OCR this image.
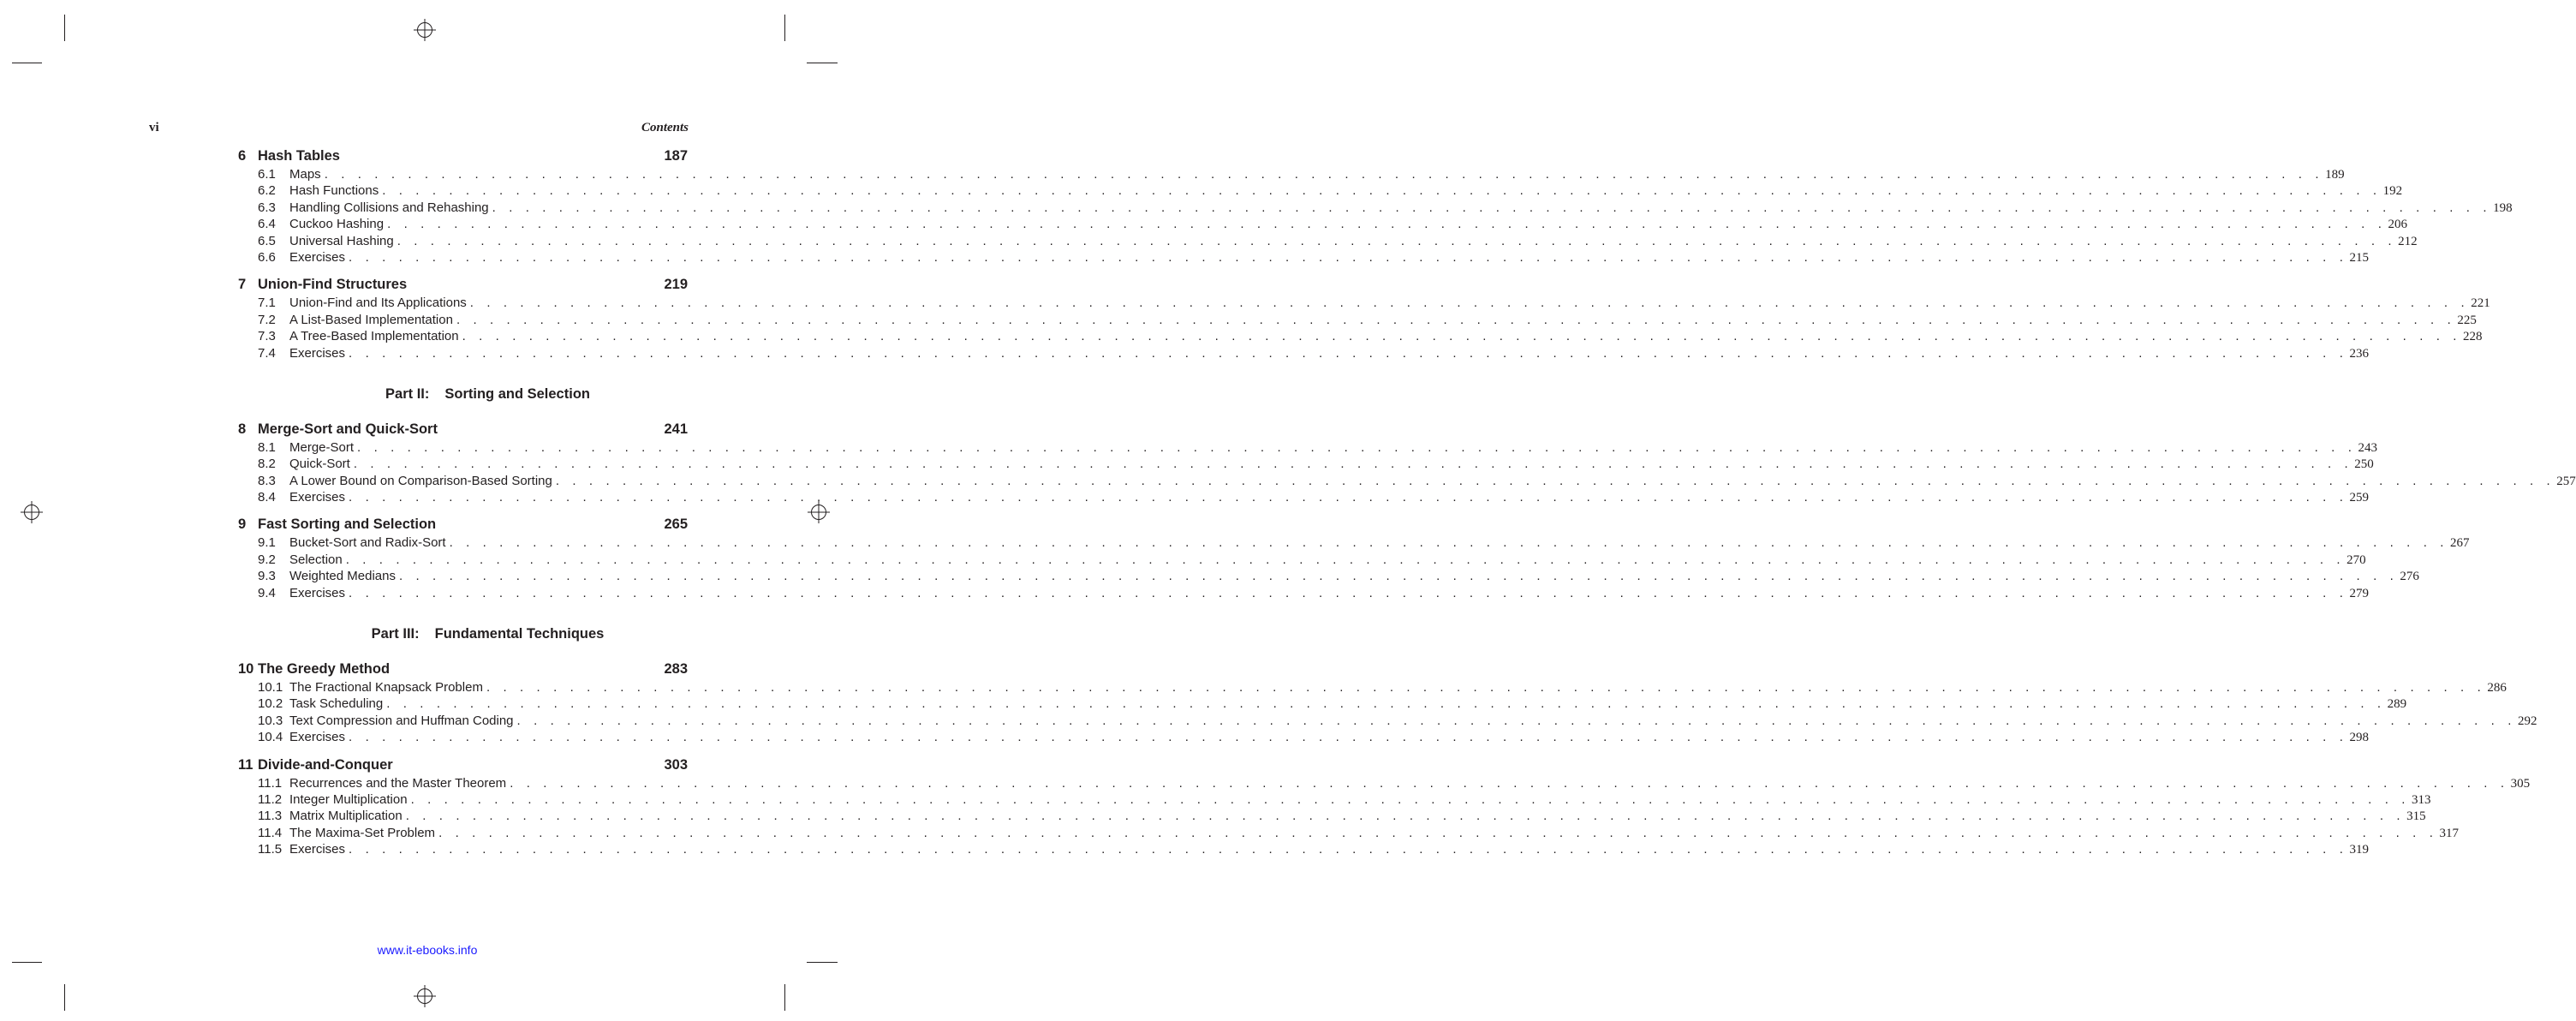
vi	Contents
6 Hash Tables	187
6.1	Maps . . . . . . . . . . . . . . . . . . . . . . . . . . . . . . . . . . . . . . . . . . . . . . . . . . . . . . . . . . . . . . . . . . . . . . . . . . . . . . . . . . . . . . . . . . . . . . . . . . . . . . . . . . . . . . . . . . . . . . . . 189
6.2	Hash Functions . . . . . . . . . . . . . . . . . . . . . . . . . . . . . . . . . . . . . . . . . . . . . . . . . . . . . . . . . . . . . . . . . . . . . . . . . . . . . . . . . . . . . . . . . . . . . . . . . . . . . . . . . . . . . . . . . . . . . . . . 192
6.3	Handling Collisions and Rehashing . . . . . . . . . . . . . . . . . . . . . . . . . . . . . . . . . . . . . . . . . . . . . . . . . . . . . . . . . . . . . . . . . . . . . . . . . . . . . . . . . . . . . . . . . . . . . . . . . . . . . . . . . . . . . . . . . . . . . . . . 198
6.4	Cuckoo Hashing . . . . . . . . . . . . . . . . . . . . . . . . . . . . . . . . . . . . . . . . . . . . . . . . . . . . . . . . . . . . . . . . . . . . . . . . . . . . . . . . . . . . . . . . . . . . . . . . . . . . . . . . . . . . . . . . . . . . . . . . 206
6.5	Universal Hashing . . . . . . . . . . . . . . . . . . . . . . . . . . . . . . . . . . . . . . . . . . . . . . . . . . . . . . . . . . . . . . . . . . . . . . . . . . . . . . . . . . . . . . . . . . . . . . . . . . . . . . . . . . . . . . . . . . . . . . . . 212
6.6	Exercises . . . . . . . . . . . . . . . . . . . . . . . . . . . . . . . . . . . . . . . . . . . . . . . . . . . . . . . . . . . . . . . . . . . . . . . . . . . . . . . . . . . . . . . . . . . . . . . . . . . . . . . . . . . . . . . . . . . . . . . . 215
7 Union-Find Structures	219
7.1	Union-Find and Its Applications . . . . . . . . . . . . . . . . . . . . . . . . . . . . . . . . . . . . . . . . . . . . . . . . . . . . . . . . . . . . . . . . . . . . . . . . . . . . . . . . . . . . . . . . . . . . . . . . . . . . . . . . . . . . . . . . . . . . . . . . 221
7.2	A List-Based Implementation . . . . . . . . . . . . . . . . . . . . . . . . . . . . . . . . . . . . . . . . . . . . . . . . . . . . . . . . . . . . . . . . . . . . . . . . . . . . . . . . . . . . . . . . . . . . . . . . . . . . . . . . . . . . . . . . . . . . . . . . 225
7.3	A Tree-Based Implementation . . . . . . . . . . . . . . . . . . . . . . . . . . . . . . . . . . . . . . . . . . . . . . . . . . . . . . . . . . . . . . . . . . . . . . . . . . . . . . . . . . . . . . . . . . . . . . . . . . . . . . . . . . . . . . . . . . . . . . . . 228
7.4	Exercises . . . . . . . . . . . . . . . . . . . . . . . . . . . . . . . . . . . . . . . . . . . . . . . . . . . . . . . . . . . . . . . . . . . . . . . . . . . . . . . . . . . . . . . . . . . . . . . . . . . . . . . . . . . . . . . . . . . . . . . . 236
Part II: Sorting and Selection
8 Merge-Sort and Quick-Sort	241
8.1	Merge-Sort . . . . . . . . . . . . . . . . . . . . . . . . . . . . . . . . . . . . . . . . . . . . . . . . . . . . . . . . . . . . . . . . . . . . . . . . . . . . . . . . . . . . . . . . . . . . . . . . . . . . . . . . . . . . . . . . . . . . . . . . 243
8.2	Quick-Sort . . . . . . . . . . . . . . . . . . . . . . . . . . . . . . . . . . . . . . . . . . . . . . . . . . . . . . . . . . . . . . . . . . . . . . . . . . . . . . . . . . . . . . . . . . . . . . . . . . . . . . . . . . . . . . . . . . . . . . . . 250
8.3	A Lower Bound on Comparison-Based Sorting . . . . . . . . . . . . . . . . . . . . . . . . . . . . . . . . . . . . . . . . . . . . . . . . . . . . . . . . . . . . . . . . . . . . . . . . . . . . . . . . . . . . . . . . . . . . . . . . . . . . . . . . . . . . . . . . . . . . . . . . 257
8.4	Exercises . . . . . . . . . . . . . . . . . . . . . . . . . . . . . . . . . . . . . . . . . . . . . . . . . . . . . . . . . . . . . . . . . . . . . . . . . . . . . . . . . . . . . . . . . . . . . . . . . . . . . . . . . . . . . . . . . . . . . . . . 259
9 Fast Sorting and Selection	265
9.1	Bucket-Sort and Radix-Sort . . . . . . . . . . . . . . . . . . . . . . . . . . . . . . . . . . . . . . . . . . . . . . . . . . . . . . . . . . . . . . . . . . . . . . . . . . . . . . . . . . . . . . . . . . . . . . . . . . . . . . . . . . . . . . . . . . . . . . . . 267
9.2	Selection . . . . . . . . . . . . . . . . . . . . . . . . . . . . . . . . . . . . . . . . . . . . . . . . . . . . . . . . . . . . . . . . . . . . . . . . . . . . . . . . . . . . . . . . . . . . . . . . . . . . . . . . . . . . . . . . . . . . . . . . 270
9.3	Weighted Medians . . . . . . . . . . . . . . . . . . . . . . . . . . . . . . . . . . . . . . . . . . . . . . . . . . . . . . . . . . . . . . . . . . . . . . . . . . . . . . . . . . . . . . . . . . . . . . . . . . . . . . . . . . . . . . . . . . . . . . . . 276
9.4	Exercises . . . . . . . . . . . . . . . . . . . . . . . . . . . . . . . . . . . . . . . . . . . . . . . . . . . . . . . . . . . . . . . . . . . . . . . . . . . . . . . . . . . . . . . . . . . . . . . . . . . . . . . . . . . . . . . . . . . . . . . . 279
Part III: Fundamental Techniques
10 The Greedy Method	283
10.1 The Fractional Knapsack Problem . . . . . . . . . . . . . . . . . . . . . . . . . . . . . . . . . . . . . . . . . . . . . . . . . . . . . . . . . . . . . . . . . . . . . . . . . . . . . . . . . . . . . . . . . . . . . . . . . . . . . . . . . . . . . . . . . . . . . . . . 286
10.2 Task Scheduling . . . . . . . . . . . . . . . . . . . . . . . . . . . . . . . . . . . . . . . . . . . . . . . . . . . . . . . . . . . . . . . . . . . . . . . . . . . . . . . . . . . . . . . . . . . . . . . . . . . . . . . . . . . . . . . . . . . . . . . . 289
10.3 Text Compression and Huffman Coding . . . . . . . . . . . . . . . . . . . . . . . . . . . . . . . . . . . . . . . . . . . . . . . . . . . . . . . . . . . . . . . . . . . . . . . . . . . . . . . . . . . . . . . . . . . . . . . . . . . . . . . . . . . . . . . . . . . . . . . . 292
10.4 Exercises . . . . . . . . . . . . . . . . . . . . . . . . . . . . . . . . . . . . . . . . . . . . . . . . . . . . . . . . . . . . . . . . . . . . . . . . . . . . . . . . . . . . . . . . . . . . . . . . . . . . . . . . . . . . . . . . . . . . . . . . 298
11 Divide-and-Conquer	303
11.1 Recurrences and the Master Theorem . . . . . . . . . . . . . . . . . . . . . . . . . . . . . . . . . . . . . . . . . . . . . . . . . . . . . . . . . . . . . . . . . . . . . . . . . . . . . . . . . . . . . . . . . . . . . . . . . . . . . . . . . . . . . . . . . . . . . . . . 305
11.2 Integer Multiplication . . . . . . . . . . . . . . . . . . . . . . . . . . . . . . . . . . . . . . . . . . . . . . . . . . . . . . . . . . . . . . . . . . . . . . . . . . . . . . . . . . . . . . . . . . . . . . . . . . . . . . . . . . . . . . . . . . . . . . . . 313
11.3 Matrix Multiplication . . . . . . . . . . . . . . . . . . . . . . . . . . . . . . . . . . . . . . . . . . . . . . . . . . . . . . . . . . . . . . . . . . . . . . . . . . . . . . . . . . . . . . . . . . . . . . . . . . . . . . . . . . . . . . . . . . . . . . . . 315
11.4 The Maxima-Set Problem . . . . . . . . . . . . . . . . . . . . . . . . . . . . . . . . . . . . . . . . . . . . . . . . . . . . . . . . . . . . . . . . . . . . . . . . . . . . . . . . . . . . . . . . . . . . . . . . . . . . . . . . . . . . . . . . . . . . . . . . 317
11.5 Exercises . . . . . . . . . . . . . . . . . . . . . . . . . . . . . . . . . . . . . . . . . . . . . . . . . . . . . . . . . . . . . . . . . . . . . . . . . . . . . . . . . . . . . . . . . . . . . . . . . . . . . . . . . . . . . . . . . . . . . . . . 319
www.it-ebooks.info
